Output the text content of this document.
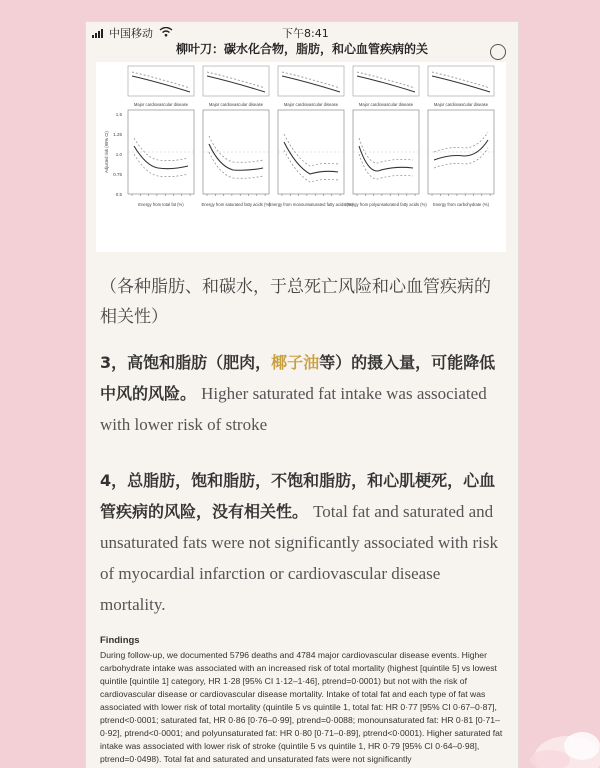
中国移动	下午8:41
柳叶刀：碳水化合物，脂肪，和心血管疾病的关
Major cardiovascular disease
Energy from total fat (%)
Major cardiovascular disease
Energy from saturated fatty acids (%)
Major cardiovascular disease
Energy from monounsaturated fatty acids (%)
Major cardiovascular disease
Energy from polyunsaturated fatty acids (%)
Major cardiovascular disease
Energy from carbohydrate (%)
1.5
1.25
1.0
0.75
0.5
Adjusted risk (95% CI)
（各种脂肪、和碳水，于总死亡风险和心血管疾病的相关性）
3，高饱和脂肪（肥肉，椰子油等）的摄入量，可能降低中风的风险。 Higher saturated fat intake was associated with lower risk of stroke
4，总脂肪，饱和脂肪，不饱和脂肪，和心肌梗死，心血管疾病的风险，没有相关性。 Total fat and saturated and unsaturated fats were not significantly associated with risk of myocardial infarction or cardiovascular disease mortality.
Findings
During follow-up, we documented 5796 deaths and 4784 major cardiovascular disease events. Higher carbohydrate intake was associated with an increased risk of total mortality (highest [quintile 5] vs lowest quintile [quintile 1] category, HR 1·28 [95% CI 1·12–1·46], ptrend=0·0001) but not with the risk of cardiovascular disease or cardiovascular disease mortality. Intake of total fat and each type of fat was associated with lower risk of total mortality (quintile 5 vs quintile 1, total fat: HR 0·77 [95% CI 0·67–0·87], ptrend<0·0001; saturated fat, HR 0·86 [0·76–0·99], ptrend=0·0088; monounsaturated fat: HR 0·81 [0·71–0·92], ptrend<0·0001; and polyunsaturated fat: HR 0·80 [0·71–0·89], ptrend<0·0001). Higher saturated fat intake was associated with lower risk of stroke (quintile 5 vs quintile 1, HR 0·79 [95% CI 0·64–0·98], ptrend=0·0498). Total fat and saturated and unsaturated fats were not significantly
